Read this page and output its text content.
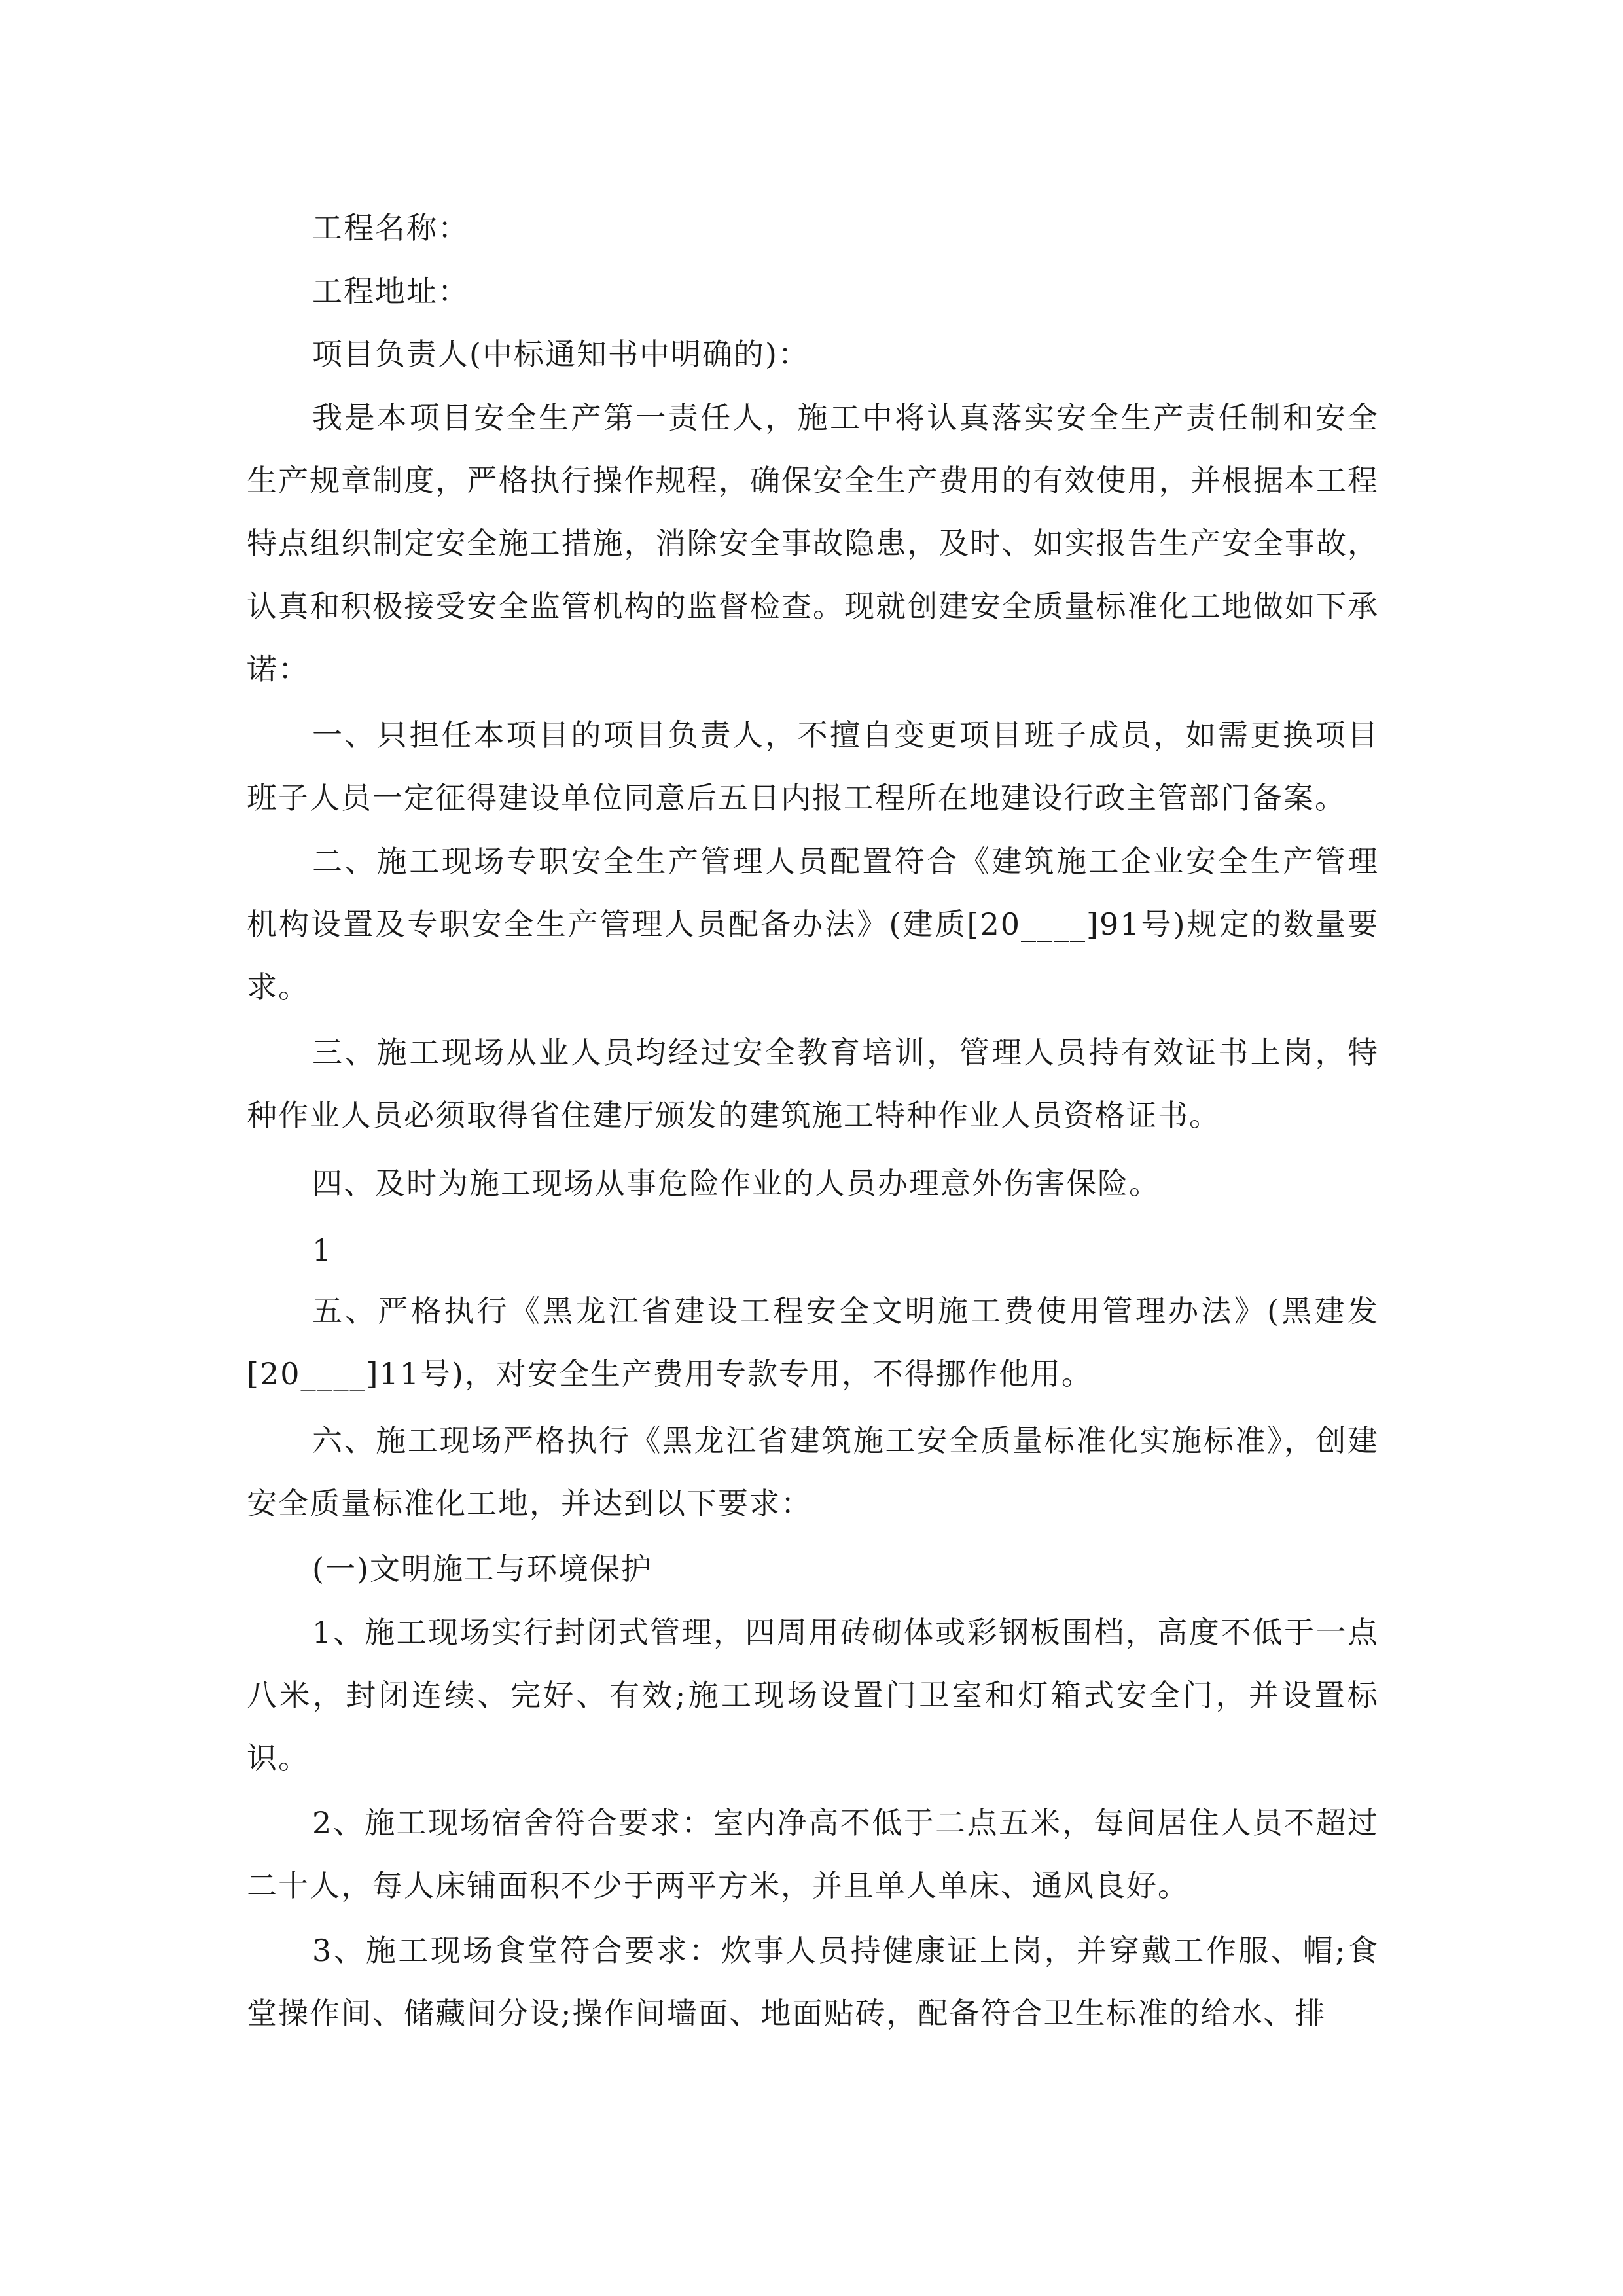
工程名称：

工程地址：

项目负责人(中标通知书中明确的)：

我是本项目安全生产第一责任人，施工中将认真落实安全生产责任制和安全生产规章制度，严格执行操作规程，确保安全生产费用的有效使用，并根据本工程特点组织制定安全施工措施，消除安全事故隐患，及时、如实报告生产安全事故，认真和积极接受安全监管机构的监督检查。现就创建安全质量标准化工地做如下承诺：

一、只担任本项目的项目负责人，不擅自变更项目班子成员，如需更换项目班子人员一定征得建设单位同意后五日内报工程所在地建设行政主管部门备案。

二、施工现场专职安全生产管理人员配置符合《建筑施工企业安全生产管理机构设置及专职安全生产管理人员配备办法》(建质[20____]91号)规定的数量要求。

三、施工现场从业人员均经过安全教育培训，管理人员持有效证书上岗，特种作业人员必须取得省住建厅颁发的建筑施工特种作业人员资格证书。

四、及时为施工现场从事危险作业的人员办理意外伤害保险。

1

五、严格执行《黑龙江省建设工程安全文明施工费使用管理办法》(黑建发[20____]11号)，对安全生产费用专款专用，不得挪作他用。

六、施工现场严格执行《黑龙江省建筑施工安全质量标准化实施标准》，创建安全质量标准化工地，并达到以下要求：

(一)文明施工与环境保护

1、施工现场实行封闭式管理，四周用砖砌体或彩钢板围档，高度不低于一点八米，封闭连续、完好、有效;施工现场设置门卫室和灯箱式安全门，并设置标识。

2、施工现场宿舍符合要求：室内净高不低于二点五米，每间居住人员不超过二十人，每人床铺面积不少于两平方米，并且单人单床、通风良好。

3、施工现场食堂符合要求：炊事人员持健康证上岗，并穿戴工作服、帽;食堂操作间、储藏间分设;操作间墙面、地面贴砖，配备符合卫生标准的给水、排
